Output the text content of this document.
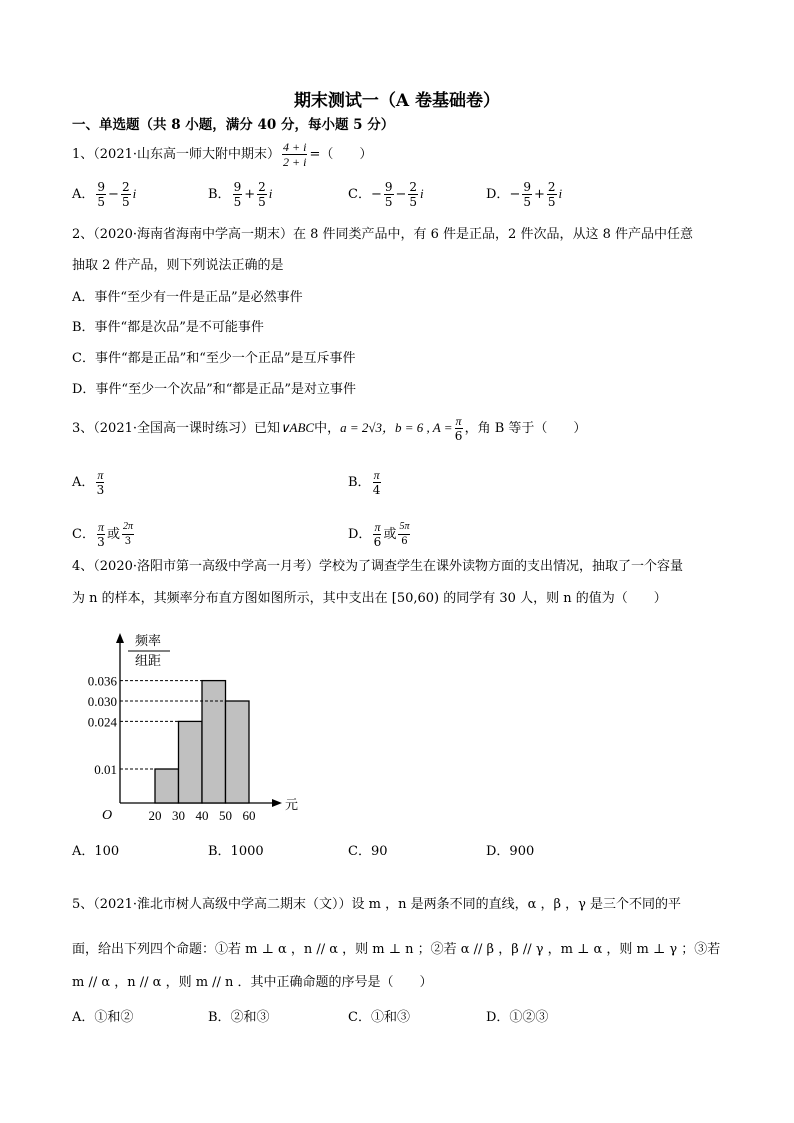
期末测试一（A 卷基础卷）
一、单选题（共 8 小题，满分 40 分，每小题 5 分）
1、（2021·山东高一师大附中期末） $\frac{4 + i}{2 + i}$ =（　　）
A． $\frac{9}{5} - \frac{2}{5}$ i	B． $\frac{9}{5} + \frac{2}{5}$ i	C．− $\frac{9}{5} - \frac{2}{5}$ i	D．− $\frac{9}{5} + \frac{2}{5}$ i
2、（2020·海南省海南中学高一期末）在 8 件同类产品中，有 6 件是正品，2 件次品，从这 8 件产品中任意
抽取 2 件产品，则下列说法正确的是
A．事件“至少有一件是正品”是必然事件
B．事件“都是次品”是不可能事件
C．事件“都是正品”和“至少一个正品”是互斥事件
D．事件“至少一个次品”和“都是正品”是对立事件
3、（2021·全国高一课时练习）已知∨ABC中，a = 2√3，b = 6 , $A = \frac{\pi}{6}$ ，角 B 等于（　　）
A． $\frac{\pi}{3}$	B． $\frac{\pi}{4}$
C． $\frac{\pi}{3}$ 或 $\frac{2\pi}{3}$	D． $\frac{\pi}{6}$ 或 $\frac{5\pi}{6}$
4、（2020·洛阳市第一高级中学高一月考）学校为了调查学生在课外读物方面的支出情况，抽取了一个容量
为 n 的样本，其频率分布直方图如图所示，其中支出在 [50,60) 的同学有 30 人，则 n 的值为（　　）
频率
组距
O
元
0.01
0.024
0.030
0.036
20 30 40 50 60
A．100	B．1000	C．90	D．900
5、（2021·淮北市树人高级中学高二期末（文））设 m ，n 是两条不同的直线，α ，β ，γ 是三个不同的平
面，给出下列四个命题：①若 m ⊥ α ，n // α ，则 m ⊥ n ；②若 α // β ，β // γ ，m ⊥ α ，则 m ⊥ γ ；③若
m // α ，n // α ，则 m // n ．其中正确命题的序号是（　　）
A．①和②	B．②和③	C．①和③	D．①②③
